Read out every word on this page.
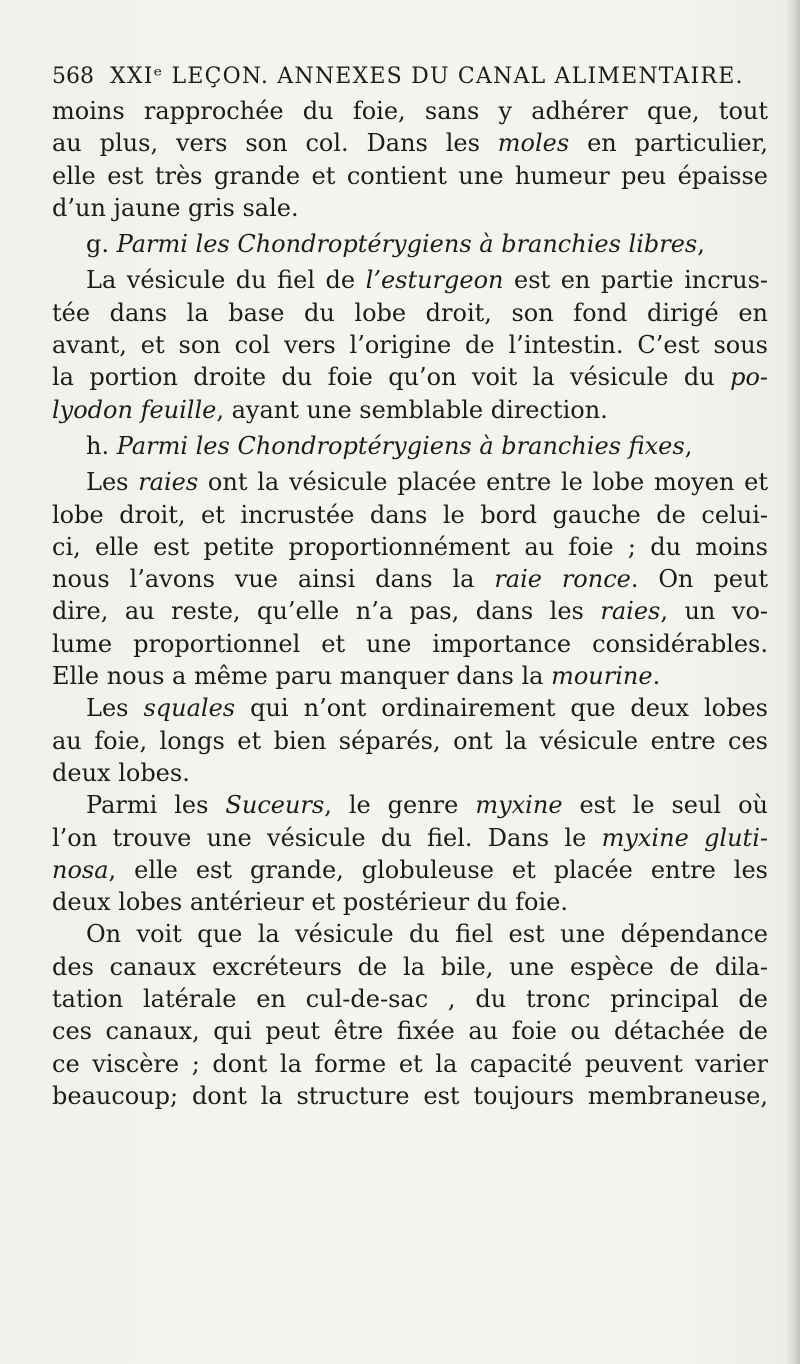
568 XXIᵉ LEÇON. ANNEXES DU CANAL ALIMENTAIRE.
moins rapprochée du foie, sans y adhérer que, tout
au plus, vers son col. Dans les moles en particulier,
elle est très grande et contient une humeur peu épaisse
d’un jaune gris sale.
g. Parmi les Chondroptérygiens à branchies libres,
La vésicule du fiel de l’esturgeon est en partie incrus-
tée dans la base du lobe droit, son fond dirigé en
avant, et son col vers l’origine de l’intestin. C’est sous
la portion droite du foie qu’on voit la vésicule du po-
lyodon feuille, ayant une semblable direction.
h. Parmi les Chondroptérygiens à branchies fixes,
Les raies ont la vésicule placée entre le lobe moyen et
lobe droit, et incrustée dans le bord gauche de celui-
ci, elle est petite proportionnément au foie ; du moins
nous l’avons vue ainsi dans la raie ronce. On peut
dire, au reste, qu’elle n’a pas, dans les raies, un vo-
lume proportionnel et une importance considérables.
Elle nous a même paru manquer dans la mourine.
Les squales qui n’ont ordinairement que deux lobes
au foie, longs et bien séparés, ont la vésicule entre ces
deux lobes.
Parmi les Suceurs, le genre myxine est le seul où
l’on trouve une vésicule du fiel. Dans le myxine gluti-
nosa, elle est grande, globuleuse et placée entre les
deux lobes antérieur et postérieur du foie.
On voit que la vésicule du fiel est une dépendance
des canaux excréteurs de la bile, une espèce de dila-
tation latérale en cul-de-sac , du tronc principal de
ces canaux, qui peut être fixée au foie ou détachée de
ce viscère ; dont la forme et la capacité peuvent varier
beaucoup; dont la structure est toujours membraneuse,
